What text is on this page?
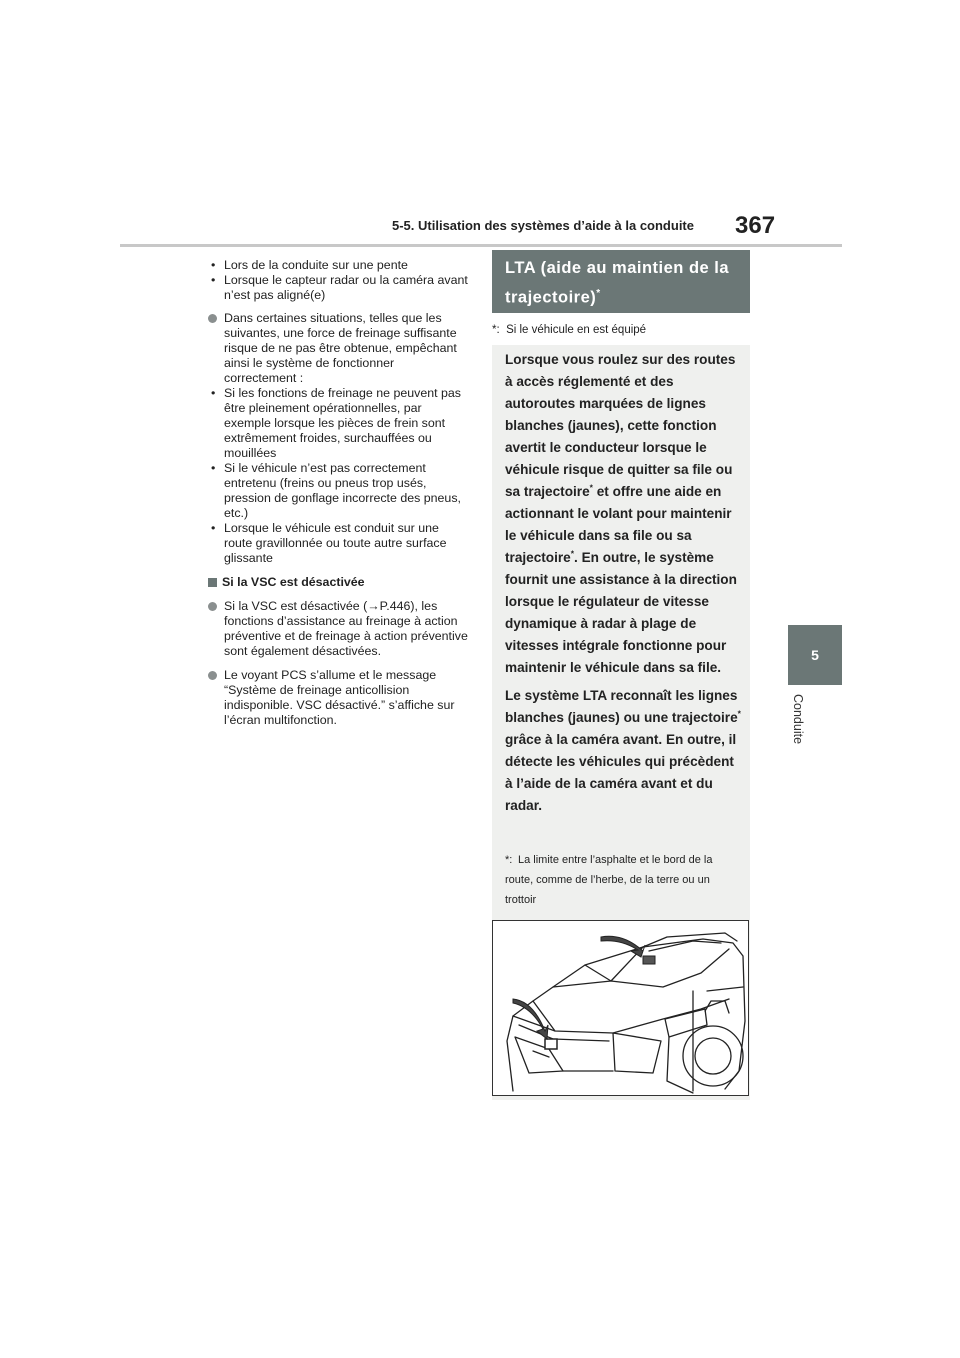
5-5. Utilisation des systèmes d’aide à la conduite 367
5
Conduite
• Lors de la conduite sur une pente
• Lorsque le capteur radar ou la caméra avant n’est pas aligné(e)
Dans certaines situations, telles que les suivantes, une force de freinage suffisante risque de ne pas être obtenue, empêchant ainsi le système de fonctionner correctement :
• Si les fonctions de freinage ne peuvent pas être pleinement opérationnelles, par exemple lorsque les pièces de frein sont extrêmement froides, surchauffées ou mouillées
• Si le véhicule n’est pas correctement entretenu (freins ou pneus trop usés, pression de gonflage incorrecte des pneus, etc.)
• Lorsque le véhicule est conduit sur une route gravillonnée ou toute autre surface glissante
Si la VSC est désactivée
Si la VSC est désactivée (→P.446), les fonctions d’assistance au freinage à action préventive et de freinage à action préventive sont également désactivées.
Le voyant PCS s’allume et le message “Système de freinage anticollision indisponible. VSC désactivé.” s’affiche sur l’écran multifonction.
LTA (aide au maintien de la
trajectoire)*
*: Si le véhicule en est équipé

Lorsque vous roulez sur des routes à accès réglementé et des autoroutes marquées de lignes blanches (jaunes), cette fonction avertit le conducteur lorsque le véhicule risque de quitter sa file ou sa trajectoire* et offre une aide en actionnant le volant pour maintenir le véhicule dans sa file ou sa trajectoire*. En outre, le système fournit une assistance à la direction lorsque le régulateur de vitesse dynamique à radar à plage de vitesses intégrale fonctionne pour maintenir le véhicule dans sa file.

Le système LTA reconnaît les lignes blanches (jaunes) ou une trajectoire* grâce à la caméra avant. En outre, il détecte les véhicules qui précèdent à l’aide de la caméra avant et du radar.

*: La limite entre l’asphalte et le bord de la route, comme de l’herbe, de la terre ou un trottoir
